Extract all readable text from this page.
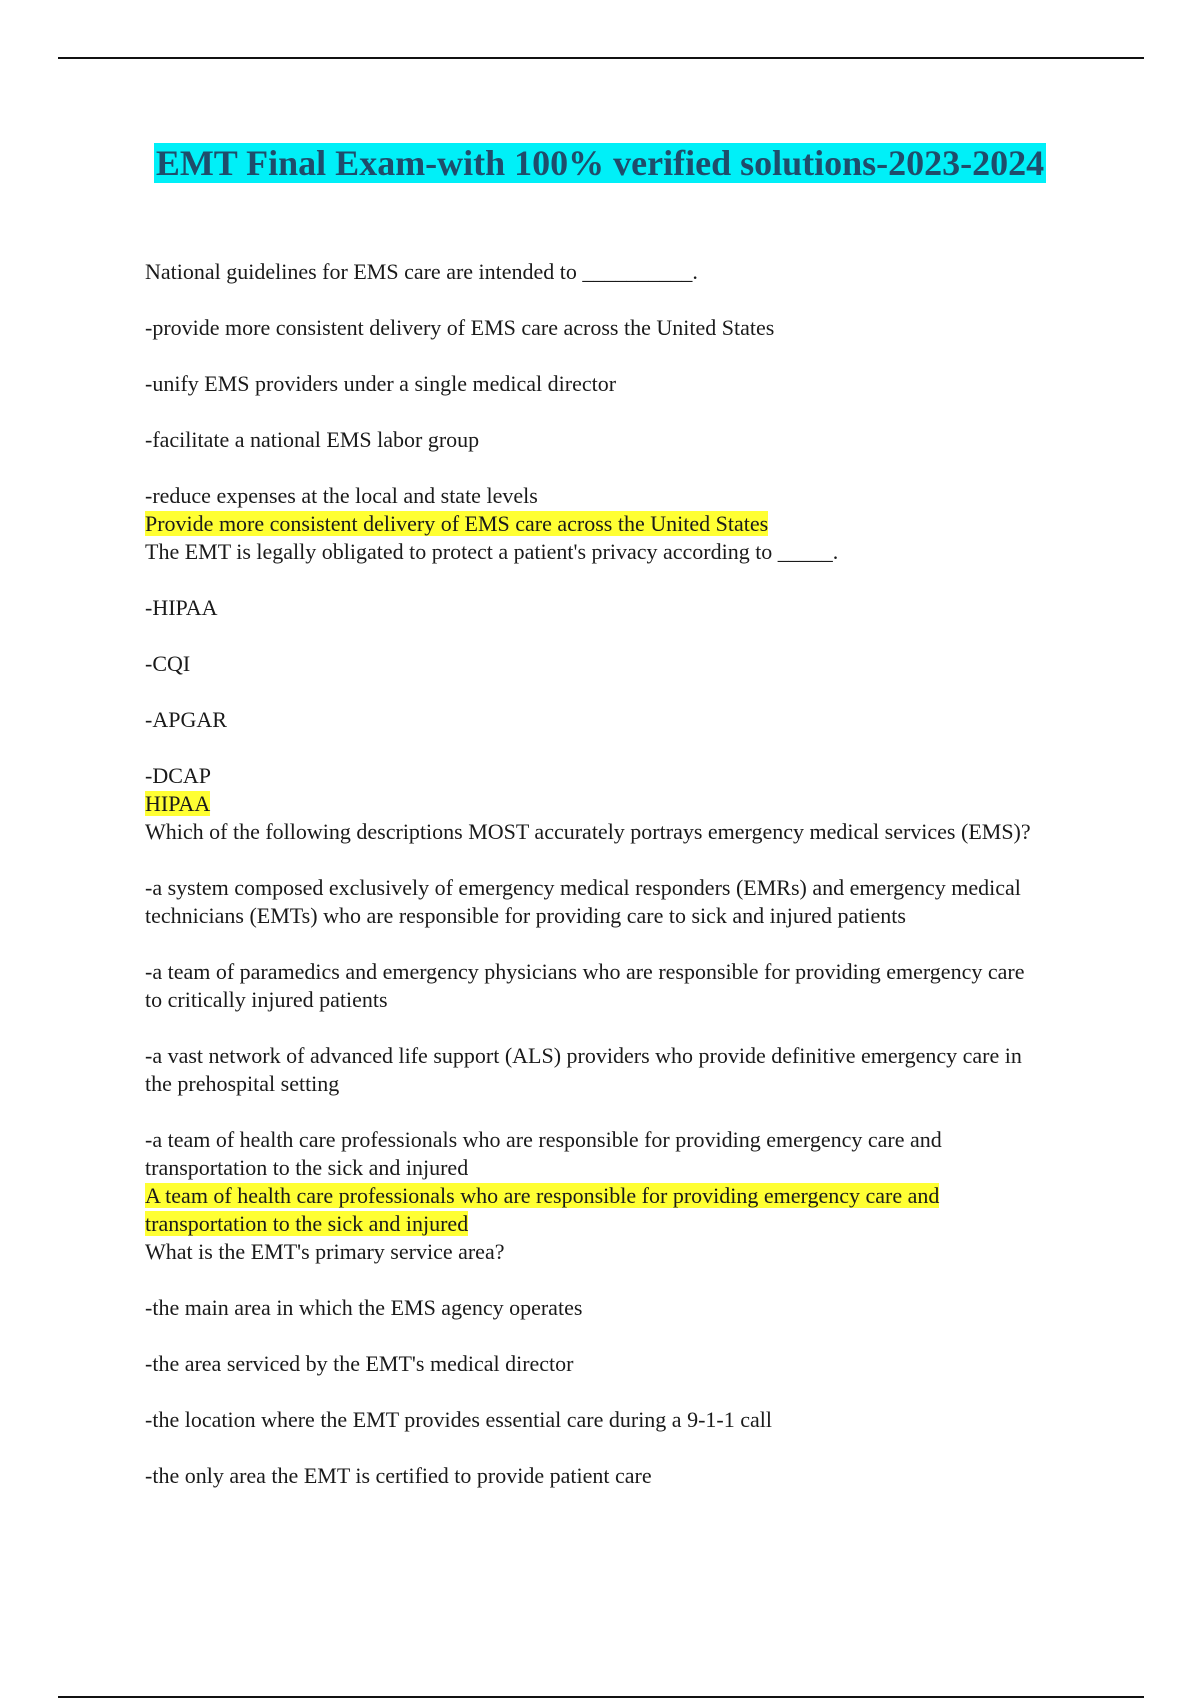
EMT Final Exam-with 100% verified solutions-2023-2024

National guidelines for EMS care are intended to __________.

-provide more consistent delivery of EMS care across the United States

-unify EMS providers under a single medical director

-facilitate a national EMS labor group

-reduce expenses at the local and state levels

Provide more consistent delivery of EMS care across the United States

The EMT is legally obligated to protect a patient's privacy according to _____.

-HIPAA

-CQI

-APGAR

-DCAP

HIPAA

Which of the following descriptions MOST accurately portrays emergency medical services (EMS)?

-a system composed exclusively of emergency medical responders (EMRs) and emergency medical technicians (EMTs) who are responsible for providing care to sick and injured patients

-a team of paramedics and emergency physicians who are responsible for providing emergency care to critically injured patients

-a vast network of advanced life support (ALS) providers who provide definitive emergency care in the prehospital setting

-a team of health care professionals who are responsible for providing emergency care and transportation to the sick and injured

A team of health care professionals who are responsible for providing emergency care and transportation to the sick and injured

What is the EMT's primary service area?

-the main area in which the EMS agency operates

-the area serviced by the EMT's medical director

-the location where the EMT provides essential care during a 9-1-1 call

-the only area the EMT is certified to provide patient care
